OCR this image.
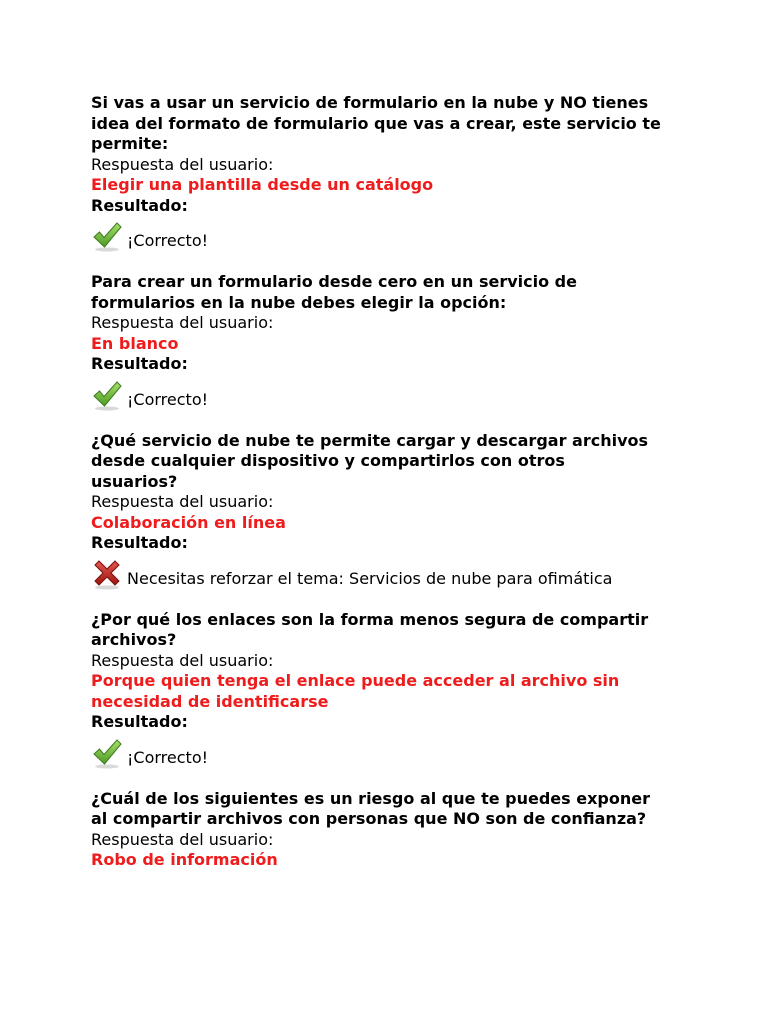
Si vas a usar un servicio de formulario en la nube y NO tienes idea del formato de formulario que vas a crear, este servicio te permite:

Respuesta del usuario:

Elegir una plantilla desde un catálogo

Resultado:

¡Correcto!

Para crear un formulario desde cero en un servicio de formularios en la nube debes elegir la opción:

Respuesta del usuario:

En blanco

Resultado:

¡Correcto!

¿Qué servicio de nube te permite cargar y descargar archivos desde cualquier dispositivo y compartirlos con otros usuarios?

Respuesta del usuario:

Colaboración en línea

Resultado:

Necesitas reforzar el tema: Servicios de nube para ofimática

¿Por qué los enlaces son la forma menos segura de compartir archivos?

Respuesta del usuario:

Porque quien tenga el enlace puede acceder al archivo sin necesidad de identificarse

Resultado:

¡Correcto!

¿Cuál de los siguientes es un riesgo al que te puedes exponer al compartir archivos con personas que NO son de confianza?

Respuesta del usuario:

Robo de información
